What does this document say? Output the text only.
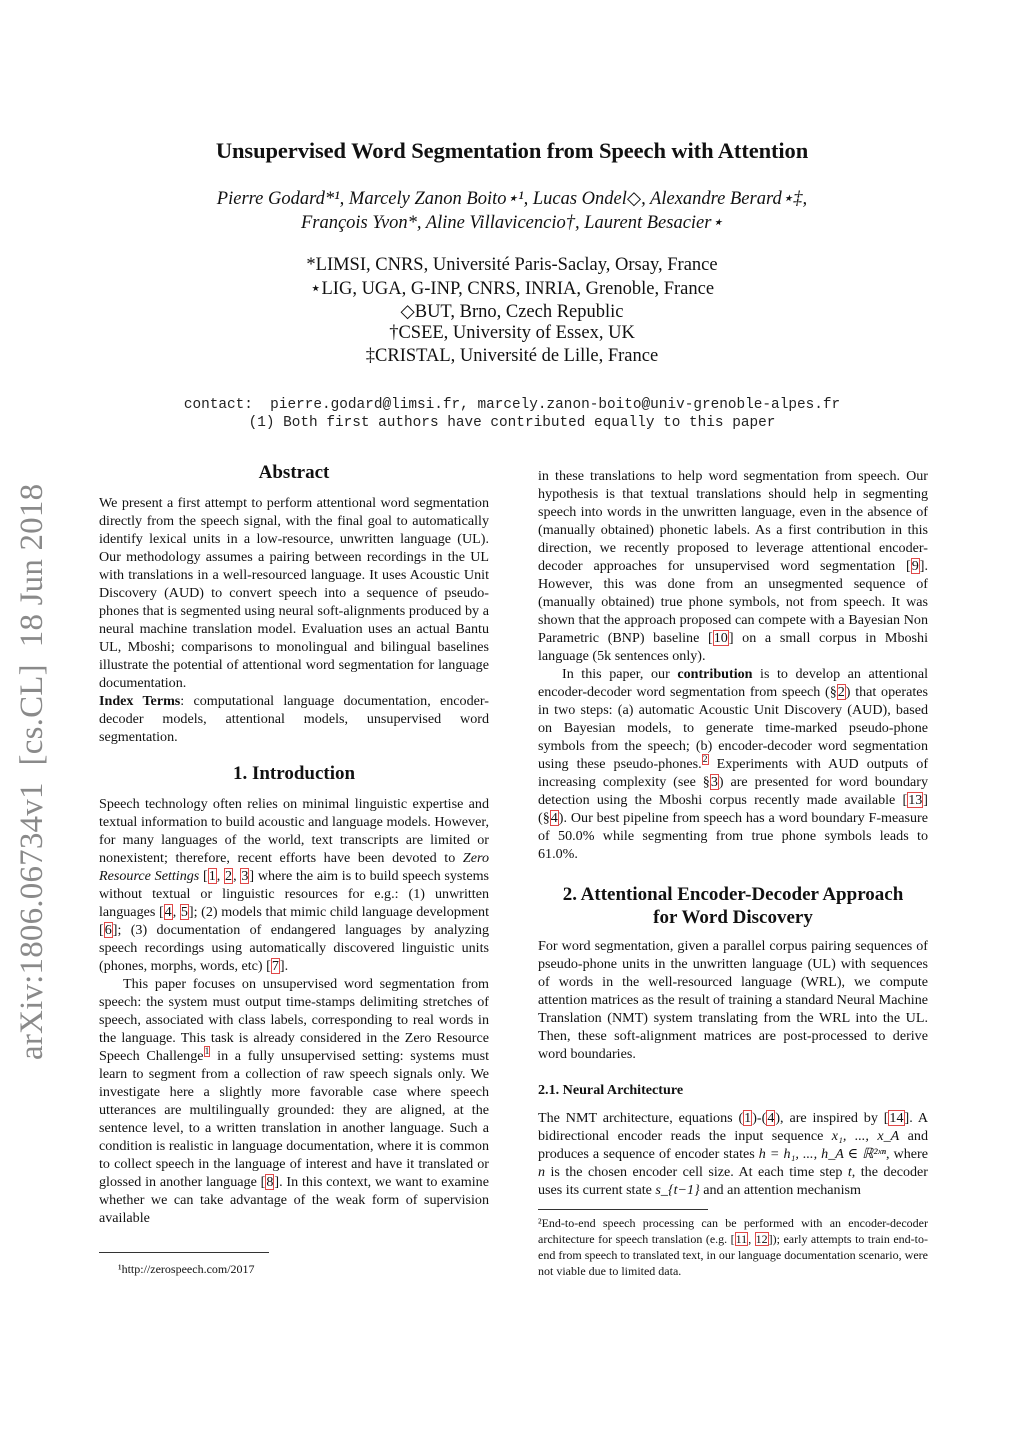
arXiv:1806.06734v1  [cs.CL]  18 Jun 2018
Unsupervised Word Segmentation from Speech with Attention
Pierre Godard*¹, Marcely Zanon Boito⋆¹, Lucas Ondel◇, Alexandre Berard⋆‡,
François Yvon*, Aline Villavicencio†, Laurent Besacier⋆
*LIMSI, CNRS, Université Paris-Saclay, Orsay, France
⋆LIG, UGA, G-INP, CNRS, INRIA, Grenoble, France
◇BUT, Brno, Czech Republic
†CSEE, University of Essex, UK
‡CRISTAL, Université de Lille, France
contact:  pierre.godard@limsi.fr, marcely.zanon-boito@univ-grenoble-alpes.fr
(1) Both first authors have contributed equally to this paper
Abstract

We present a first attempt to perform attentional word segmentation directly from the speech signal, with the final goal to automatically identify lexical units in a low-resource, unwritten language (UL). Our methodology assumes a pairing between recordings in the UL with translations in a well-resourced language. It uses Acoustic Unit Discovery (AUD) to convert speech into a sequence of pseudo-phones that is segmented using neural soft-alignments produced by a neural machine translation model. Evaluation uses an actual Bantu UL, Mboshi; comparisons to monolingual and bilingual baselines illustrate the potential of attentional word segmentation for language documentation.

Index Terms: computational language documentation, encoder-decoder models, attentional models, unsupervised word segmentation.

1. Introduction

Speech technology often relies on minimal linguistic expertise and textual information to build acoustic and language models. However, for many languages of the world, text transcripts are limited or nonexistent; therefore, recent efforts have been devoted to Zero Resource Settings [1, 2, 3] where the aim is to build speech systems without textual or linguistic resources for e.g.: (1) unwritten languages [4, 5]; (2) models that mimic child language development [6]; (3) documentation of endangered languages by analyzing speech recordings using automatically discovered linguistic units (phones, morphs, words, etc) [7].

This paper focuses on unsupervised word segmentation from speech: the system must output time-stamps delimiting stretches of speech, associated with class labels, corresponding to real words in the language. This task is already considered in the Zero Resource Speech Challenge$^1$ in a fully unsupervised setting: systems must learn to segment from a collection of raw speech signals only. We investigate here a slightly more favorable case where speech utterances are multilingually grounded: they are aligned, at the sentence level, to a written translation in another language. Such a condition is realistic in language documentation, where it is common to collect speech in the language of interest and have it translated or glossed in another language [8]. In this context, we want to examine whether we can take advantage of the weak form of supervision available

¹http://zerospeech.com/2017

in these translations to help word segmentation from speech. Our hypothesis is that textual translations should help in segmenting speech into words in the unwritten language, even in the absence of (manually obtained) phonetic labels. As a first contribution in this direction, we recently proposed to leverage attentional encoder-decoder approaches for unsupervised word segmentation [9]. However, this was done from an unsegmented sequence of (manually obtained) true phone symbols, not from speech. It was shown that the approach proposed can compete with a Bayesian Non Parametric (BNP) baseline [10] on a small corpus in Mboshi language (5k sentences only).

In this paper, our contribution is to develop an attentional encoder-decoder word segmentation from speech (§2) that operates in two steps: (a) automatic Acoustic Unit Discovery (AUD), based on Bayesian models, to generate time-marked pseudo-phone symbols from the speech; (b) encoder-decoder word segmentation using these pseudo-phones.$^2$ Experiments with AUD outputs of increasing complexity (see §3) are presented for word boundary detection using the Mboshi corpus recently made available [13] (§4). Our best pipeline from speech has a word boundary F-measure of 50.0% while segmenting from true phone symbols leads to 61.0%.

2. Attentional Encoder-Decoder Approach
for Word Discovery

For word segmentation, given a parallel corpus pairing sequences of pseudo-phone units in the unwritten language (UL) with sequences of words in the well-resourced language (WRL), we compute attention matrices as the result of training a standard Neural Machine Translation (NMT) system translating from the WRL into the UL. Then, these soft-alignment matrices are post-processed to derive word boundaries.

2.1. Neural Architecture

The NMT architecture, equations (1)-(4), are inspired by [14]. A bidirectional encoder reads the input sequence x₁, ..., x_A and produces a sequence of encoder states h = h₁, ..., h_A ∈ ℝ²ˣⁿ, where n is the chosen encoder cell size. At each time step t, the decoder uses its current state s_{t−1} and an attention mechanism

²End-to-end speech processing can be performed with an encoder-decoder architecture for speech translation (e.g. [11, 12]); early attempts to train end-to-end from speech to translated text, in our language documentation scenario, were not viable due to limited data.
